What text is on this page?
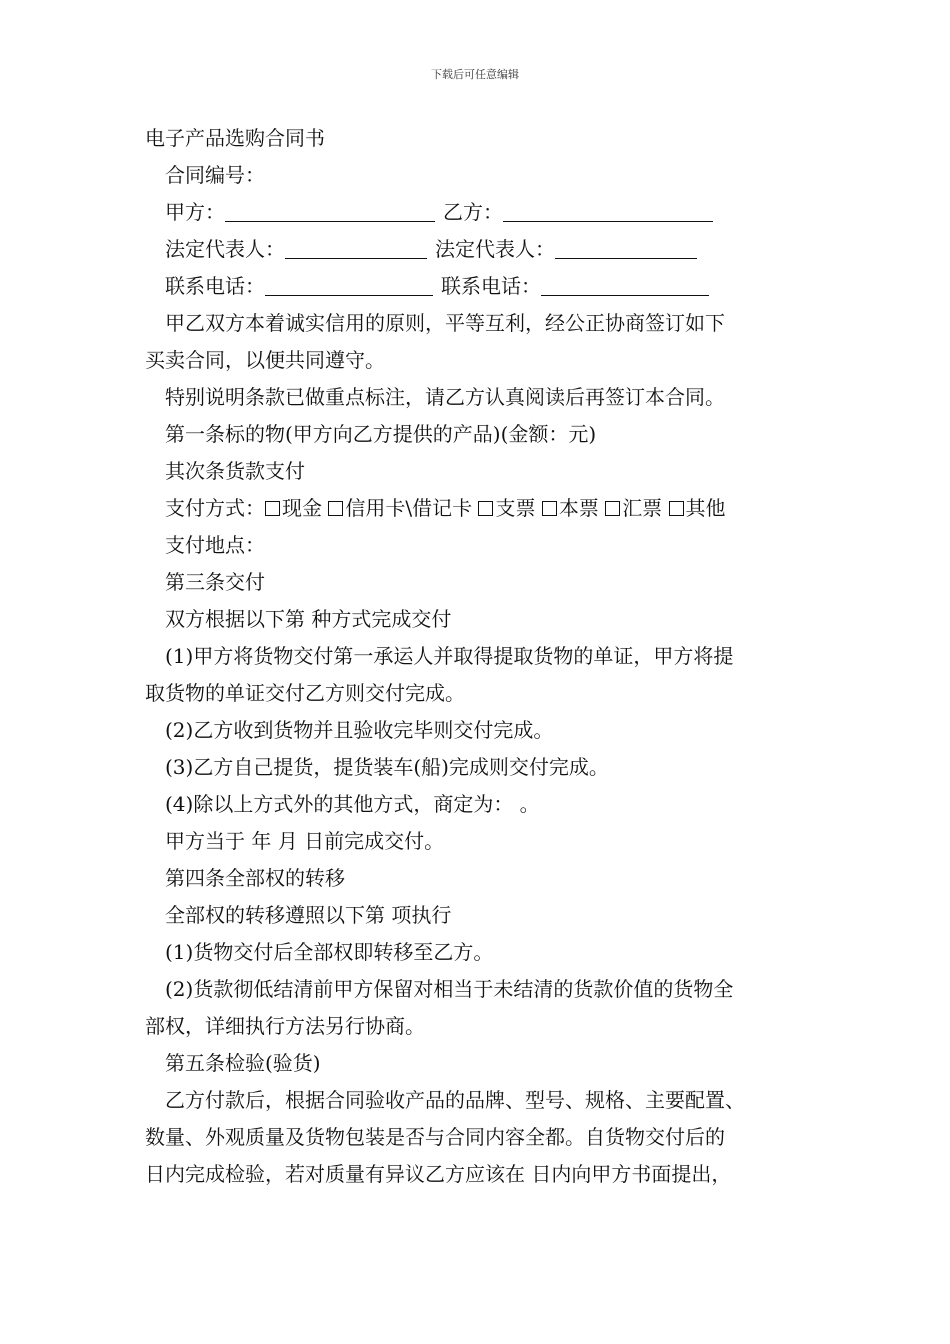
下载后可任意编辑
电子产品选购合同书
合同编号：
甲方：	乙方：
法定代表人：	法定代表人：
联系电话：	联系电话：
甲乙双方本着诚实信用的原则，平等互利，经公正协商签订如下
买卖合同，以便共同遵守。
特别说明条款已做重点标注，请乙方认真阅读后再签订本合同。
第一条标的物(甲方向乙方提供的产品)(金额：元)
其次条货款支付
支付方式： 现金 信用卡\借记卡 支票 本票 汇票 其他
支付地点：
第三条交付
双方根据以下第 种方式完成交付
(1)甲方将货物交付第一承运人并取得提取货物的单证，甲方将提
取货物的单证交付乙方则交付完成。
(2)乙方收到货物并且验收完毕则交付完成。
(3)乙方自己提货，提货装车(船)完成则交付完成。
(4)除以上方式外的其他方式，商定为： 。
甲方当于 年 月 日前完成交付。
第四条全部权的转移
全部权的转移遵照以下第 项执行
(1)货物交付后全部权即转移至乙方。
(2)货款彻低结清前甲方保留对相当于未结清的货款价值的货物全
部权，详细执行方法另行协商。
第五条检验(验货)
乙方付款后，根据合同验收产品的品牌、型号、规格、主要配置、
数量、外观质量及货物包装是否与合同内容全都。自货物交付后的
日内完成检验，若对质量有异议乙方应该在 日内向甲方书面提出，
